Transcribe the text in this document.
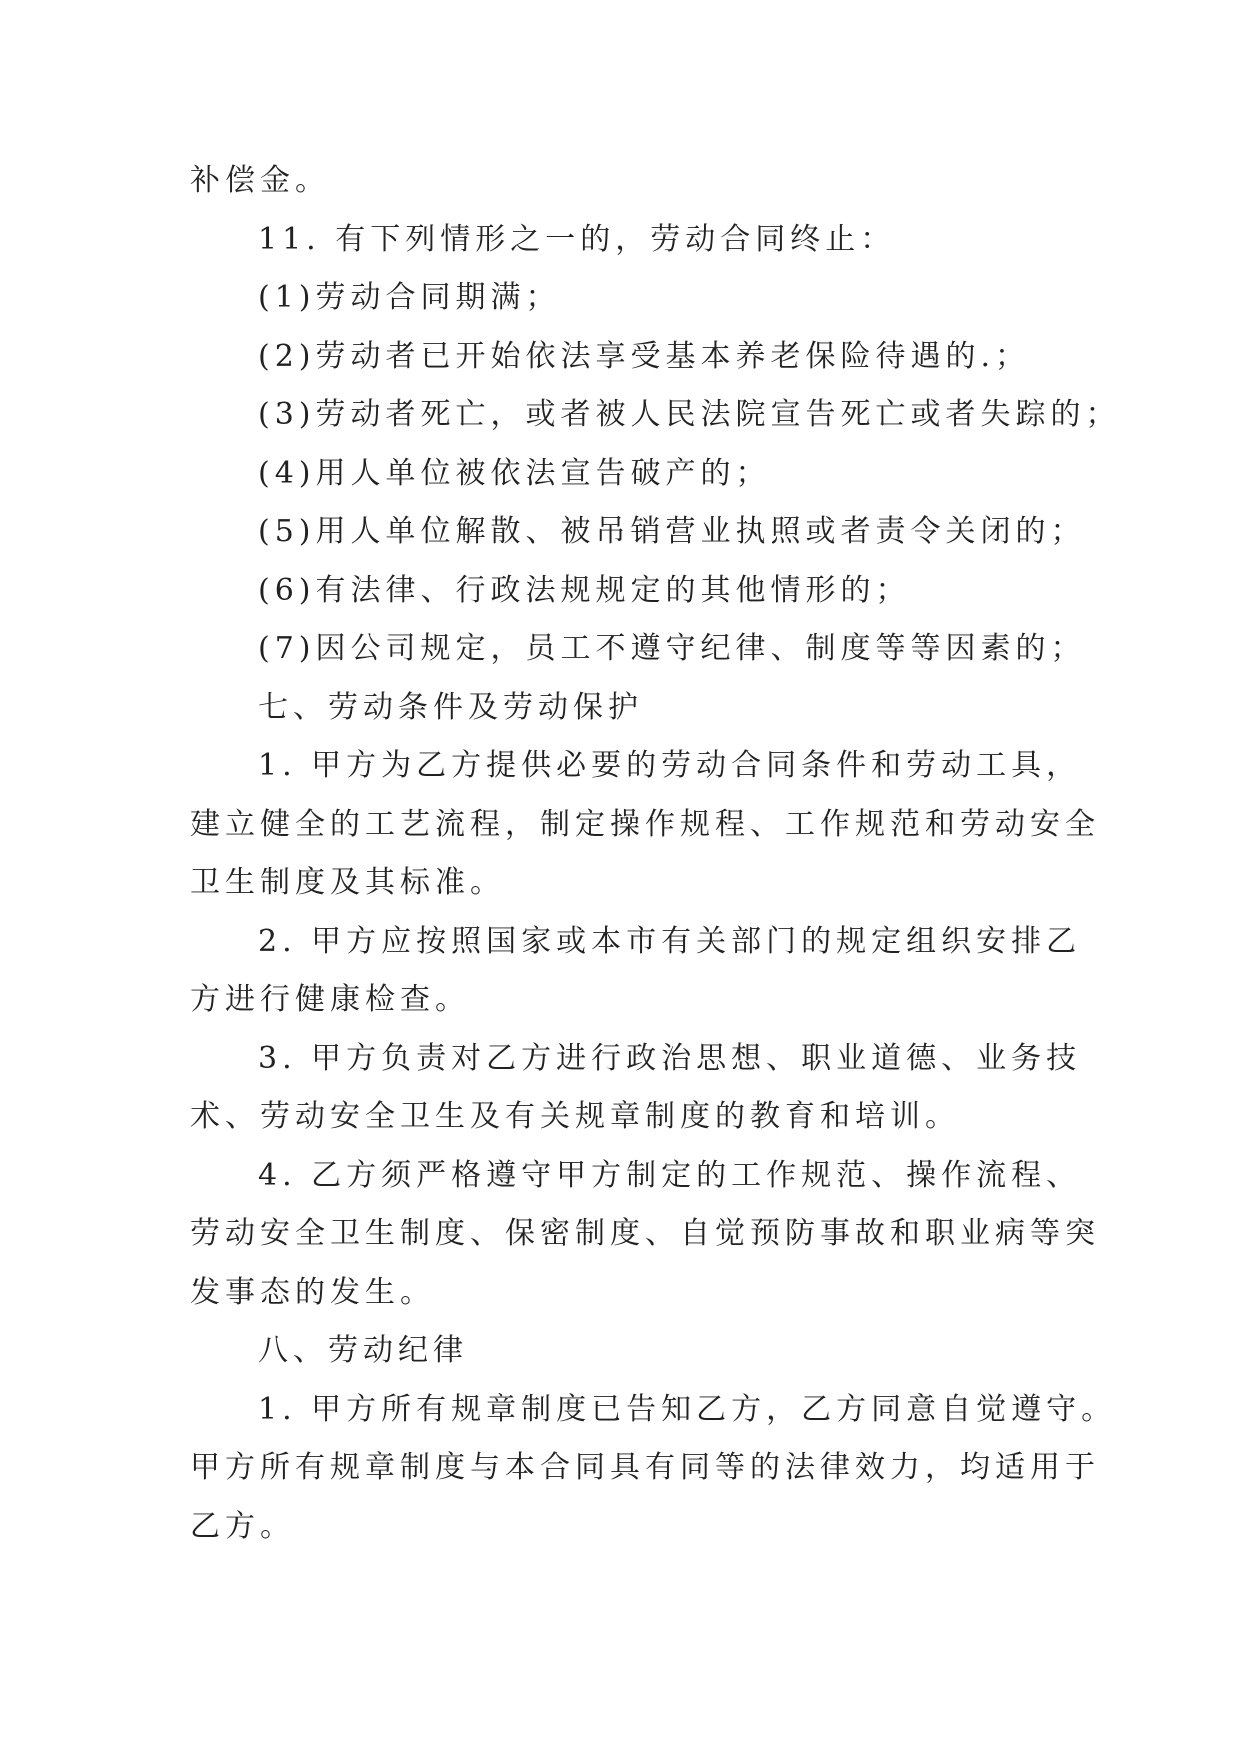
补偿金。

11. 有下列情形之一的，劳动合同终止：

(1)劳动合同期满；

(2)劳动者已开始依法享受基本养老保险待遇的.；

(3)劳动者死亡，或者被人民法院宣告死亡或者失踪的；

(4)用人单位被依法宣告破产的；

(5)用人单位解散、被吊销营业执照或者责令关闭的；

(6)有法律、行政法规规定的其他情形的；

(7)因公司规定，员工不遵守纪律、制度等等因素的；

七、劳动条件及劳动保护

1. 甲方为乙方提供必要的劳动合同条件和劳动工具，

建立健全的工艺流程，制定操作规程、工作规范和劳动安全

卫生制度及其标准。

2. 甲方应按照国家或本市有关部门的规定组织安排乙

方进行健康检查。

3. 甲方负责对乙方进行政治思想、职业道德、业务技

术、劳动安全卫生及有关规章制度的教育和培训。

4. 乙方须严格遵守甲方制定的工作规范、操作流程、

劳动安全卫生制度、保密制度、自觉预防事故和职业病等突

发事态的发生。

八、劳动纪律

1. 甲方所有规章制度已告知乙方，乙方同意自觉遵守。

甲方所有规章制度与本合同具有同等的法律效力，均适用于

乙方。
